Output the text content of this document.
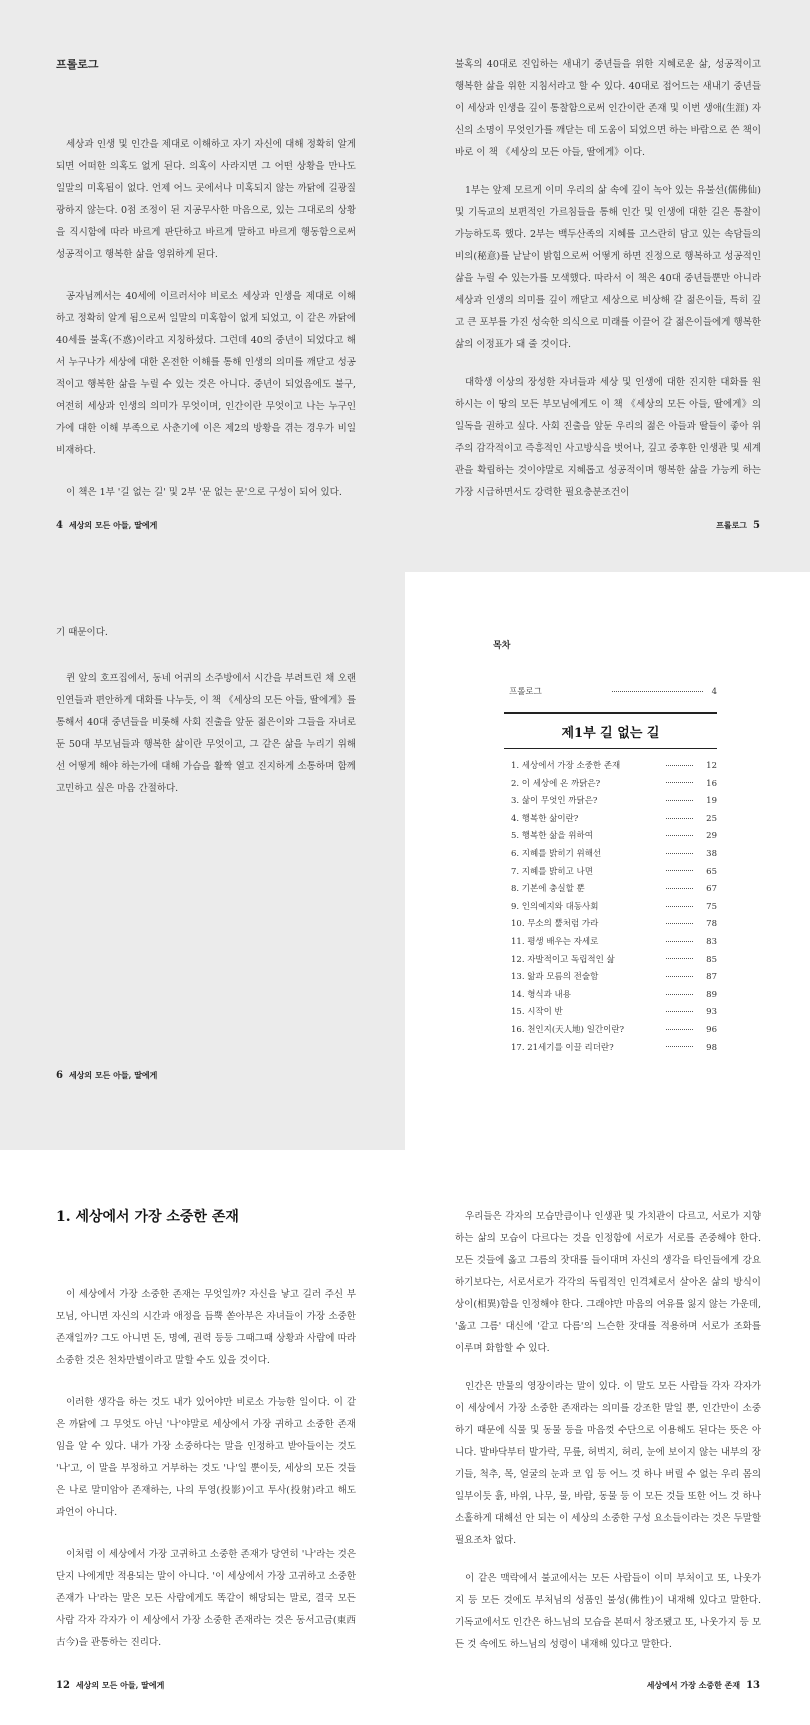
프롤로그

세상과 인생 및 인간을 제대로 이해하고 자기 자신에 대해 정확히 알게 되면 어떠한 의혹도 없게 된다. 의혹이 사라지면 그 어떤 상황을 만나도 일말의 미혹됨이 없다. 언제 어느 곳에서나 미혹되지 않는 까닭에 길광질광하지 않는다. 0점 조정이 된 지공무사한 마음으로, 있는 그대로의 상황을 직시함에 따라 바르게 판단하고 바르게 말하고 바르게 행동함으로써 성공적이고 행복한 삶을 영위하게 된다.

공자님께서는 40세에 이르러서야 비로소 세상과 인생을 제대로 이해하고 정확히 알게 됨으로써 일말의 미혹함이 없게 되었고, 이 같은 까닭에 40세를 불혹(不惑)이라고 지칭하셨다. 그런데 40의 중년이 되었다고 해서 누구나가 세상에 대한 온전한 이해를 통해 인생의 의미를 깨닫고 성공적이고 행복한 삶을 누릴 수 있는 것은 아니다. 중년이 되었음에도 불구, 여전히 세상과 인생의 의미가 무엇이며, 인간이란 무엇이고 나는 누구인가에 대한 이해 부족으로 사춘기에 이은 제2의 방황을 겪는 경우가 비일비재하다.

이 책은 1부 '길 없는 길' 및 2부 '문 없는 문'으로 구성이 되어 있다.

4 세상의 모든 아들, 딸에게

불혹의 40대로 진입하는 새내기 중년들을 위한 지혜로운 삶, 성공적이고 행복한 삶을 위한 지침서라고 할 수 있다. 40대로 접어드는 새내기 중년들이 세상과 인생을 깊이 통찰함으로써 인간이란 존재 및 이번 생애(生涯) 자신의 소명이 무엇인가를 깨닫는 데 도움이 되었으면 하는 바람으로 쓴 책이 바로 이 책 《세상의 모든 아들, 딸에게》이다.

1부는 앞제 모르게 이미 우리의 삶 속에 깊이 녹아 있는 유불선(儒佛仙) 및 기독교의 보편적인 가르침들을 통해 인간 및 인생에 대한 길은 통찰이 가능하도록 했다. 2부는 백두산족의 지혜를 고스란히 담고 있는 속담들의 비의(秘意)를 낱낱이 밝힘으로써 어떻게 하면 진정으로 행복하고 성공적인 삶을 누릴 수 있는가를 모색했다. 따라서 이 책은 40대 중년들뿐만 아니라 세상과 인생의 의미를 깊이 깨닫고 세상으로 비상해 갈 젊은이들, 특히 깊고 큰 포부를 가진 성숙한 의식으로 미래를 이끌어 갈 젊은이들에게 행복한 삶의 이정표가 돼 줄 것이다.

대학생 이상의 장성한 자녀들과 세상 및 인생에 대한 진지한 대화를 원하시는 이 땅의 모든 부모님에게도 이 책 《세상의 모든 아들, 딸에게》의 일독을 권하고 싶다. 사회 진출을 앞둔 우리의 젊은 아들과 딸들이 좋아 위주의 감각적이고 즉흥적인 사고방식을 벗어나, 깊고 중후한 인생관 및 세계관을 확립하는 것이야말로 지혜롭고 성공적이며 행복한 삶을 가능케 하는 가장 시급하면서도 강력한 필요충분조건이

프롤로그 5

기 때문이다.

퀸 앞의 호프집에서, 동네 어귀의 소주방에서 시간을 부려트린 채 오랜 인연들과 편안하게 대화를 나누듯, 이 책 《세상의 모든 아들, 딸에게》를 통해서 40대 중년들을 비롯해 사회 진출을 앞둔 젊은이와 그들을 자녀로 둔 50대 부모님들과 행복한 삶이란 무엇이고, 그 같은 삶을 누리기 위해선 어떻게 해야 하는가에 대해 가슴을 활짝 열고 진지하게 소통하며 함께 고민하고 싶은 마음 간절하다.

6 세상의 모든 아들, 딸에게
목차
프롤로그	4
제1부 길 없는 길
1. 세상에서 가장 소중한 존재	12
2. 이 세상에 온 까닭은?	16
3. 삶이 무엇인 까닭은?	19
4. 행복한 삶이란?	25
5. 행복한 삶을 위하여	29
6. 지혜를 밝히기 위해선	38
7. 지혜를 밝히고 나면	65
8. 기본에 충실할 뿐	67
9. 인의예지와 대동사회	75
10. 무소의 뿔처럼 가라	78
11. 평생 배우는 자세로	83
12. 자발적이고 독립적인 삶	85
13. 앎과 모름의 전술함	87
14. 형식과 내용	89
15. 시작이 반	93
16. 천인지(天人地) 일간이란?	96
17. 21세기를 이끌 리더란?	98
1. 세상에서 가장 소중한 존재

이 세상에서 가장 소중한 존재는 무엇일까? 자신을 낳고 길러 주신 부모님, 아니면 자신의 시간과 애정을 듬뿍 쏟아부은 자녀들이 가장 소중한 존재일까? 그도 아니면 돈, 명예, 권력 등등 그때그때 상황과 사람에 따라 소중한 것은 천차만별이라고 말할 수도 있을 것이다.

이러한 생각을 하는 것도 내가 있어야만 비로소 가능한 일이다. 이 같은 까닭에 그 무엇도 아닌 '나'야말로 세상에서 가장 귀하고 소중한 존재임을 알 수 있다. 내가 가장 소중하다는 말을 인정하고 받아들이는 것도 '나'고, 이 말을 부정하고 거부하는 것도 '나'일 뿐이듯, 세상의 모든 것들은 나로 말미암아 존재하는, 나의 투영(投影)이고 투사(投射)라고 해도 과언이 아니다.

이처럼 이 세상에서 가장 고귀하고 소중한 존재가 당연히 '나'라는 것은 단지 나에게만 적용되는 말이 아니다. '이 세상에서 가장 고귀하고 소중한 존재가 나'라는 말은 모든 사람에게도 똑같이 해당되는 말로, 결국 모든 사람 각자 각자가 이 세상에서 가장 소중한 존재라는 것은 동서고금(東西古今)을 관통하는 진리다.

12 세상의 모든 아들, 딸에게

우리들은 각자의 모습만큼이나 인생관 및 가치관이 다르고, 서로가 지향하는 삶의 모습이 다르다는 것을 인정함에 서로가 서로를 존중해야 한다. 모든 것들에 옳고 그름의 잣대를 들이대며 자신의 생각을 타인들에게 강요하기보다는, 서로서로가 각각의 독립적인 인격체로서 살아온 삶의 방식이 상이(相異)함을 인정해야 한다. 그래야만 마음의 여유를 잃지 않는 가운데, '옳고 그름' 대신에 '같고 다름'의 느슨한 잣대를 적용하며 서로가 조화를 이루며 화합할 수 있다.

인간은 만물의 영장이라는 말이 있다. 이 말도 모든 사람들 각자 각자가 이 세상에서 가장 소중한 존재라는 의미를 강조한 말일 뿐, 인간만이 소중하기 때문에 식물 및 동물 등을 마음껏 수단으로 이용해도 된다는 뜻은 아니다. 발바닥부터 발가락, 무릎, 허벅지, 허리, 눈에 보이지 않는 내부의 장기들, 척추, 목, 얼굴의 눈과 코 입 등 어느 것 하나 버릴 수 없는 우리 몸의 일부이듯 흙, 바위, 나무, 물, 바람, 동물 등 이 모든 것들 또한 어느 것 하나 소홀하게 대해선 안 되는 이 세상의 소중한 구성 요소들이라는 것은 두말할 필요조차 없다.

이 같은 맥락에서 불교에서는 모든 사람들이 이미 부처이고 또, 나웃가지 등 모든 것에도 부처님의 성품인 불성(佛性)이 내재해 있다고 말한다. 기독교에서도 인간은 하느님의 모습을 본떠서 창조됐고 또, 나웃가지 등 모든 것 속에도 하느님의 성령이 내재해 있다고 말한다.

세상에서 가장 소중한 존재 13
